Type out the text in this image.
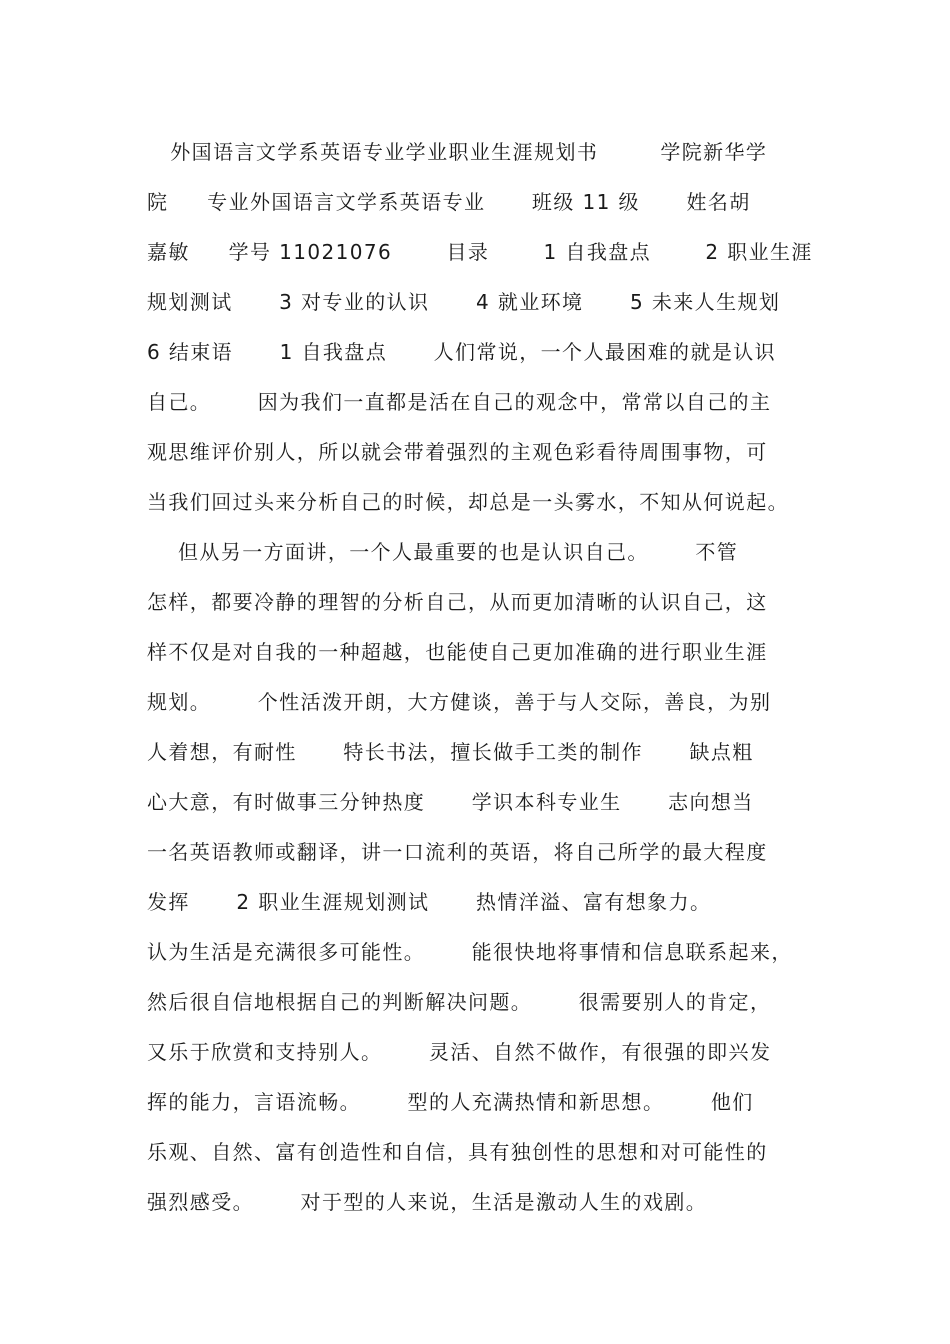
外国语言文学系英语专业学业职业生涯规划书        学院新华学
院     专业外国语言文学系英语专业      班级 11 级      姓名胡
嘉敏     学号 11021076       目录       1 自我盘点       2 职业生涯
规划测试      3 对专业的认识      4 就业环境      5 未来人生规划
6 结束语      1 自我盘点      人们常说，一个人最困难的就是认识
自己。      因为我们一直都是活在自己的观念中，常常以自己的主
观思维评价别人，所以就会带着强烈的主观色彩看待周围事物，可
当我们回过头来分析自己的时候，却总是一头雾水，不知从何说起。
但从另一方面讲，一个人最重要的也是认识自己。      不管
怎样，都要冷静的理智的分析自己，从而更加清晰的认识自己，这
样不仅是对自我的一种超越，也能使自己更加准确的进行职业生涯
规划。      个性活泼开朗，大方健谈，善于与人交际，善良，为别
人着想，有耐性      特长书法，擅长做手工类的制作      缺点粗
心大意，有时做事三分钟热度      学识本科专业生      志向想当
一名英语教师或翻译，讲一口流利的英语，将自己所学的最大程度
发挥      2 职业生涯规划测试      热情洋溢、富有想象力。
认为生活是充满很多可能性。      能很快地将事情和信息联系起来，
然后很自信地根据自己的判断解决问题。      很需要别人的肯定，
又乐于欣赏和支持别人。      灵活、自然不做作，有很强的即兴发
挥的能力，言语流畅。      型的人充满热情和新思想。      他们
乐观、自然、富有创造性和自信，具有独创性的思想和对可能性的
强烈感受。      对于型的人来说，生活是激动人生的戏剧。
